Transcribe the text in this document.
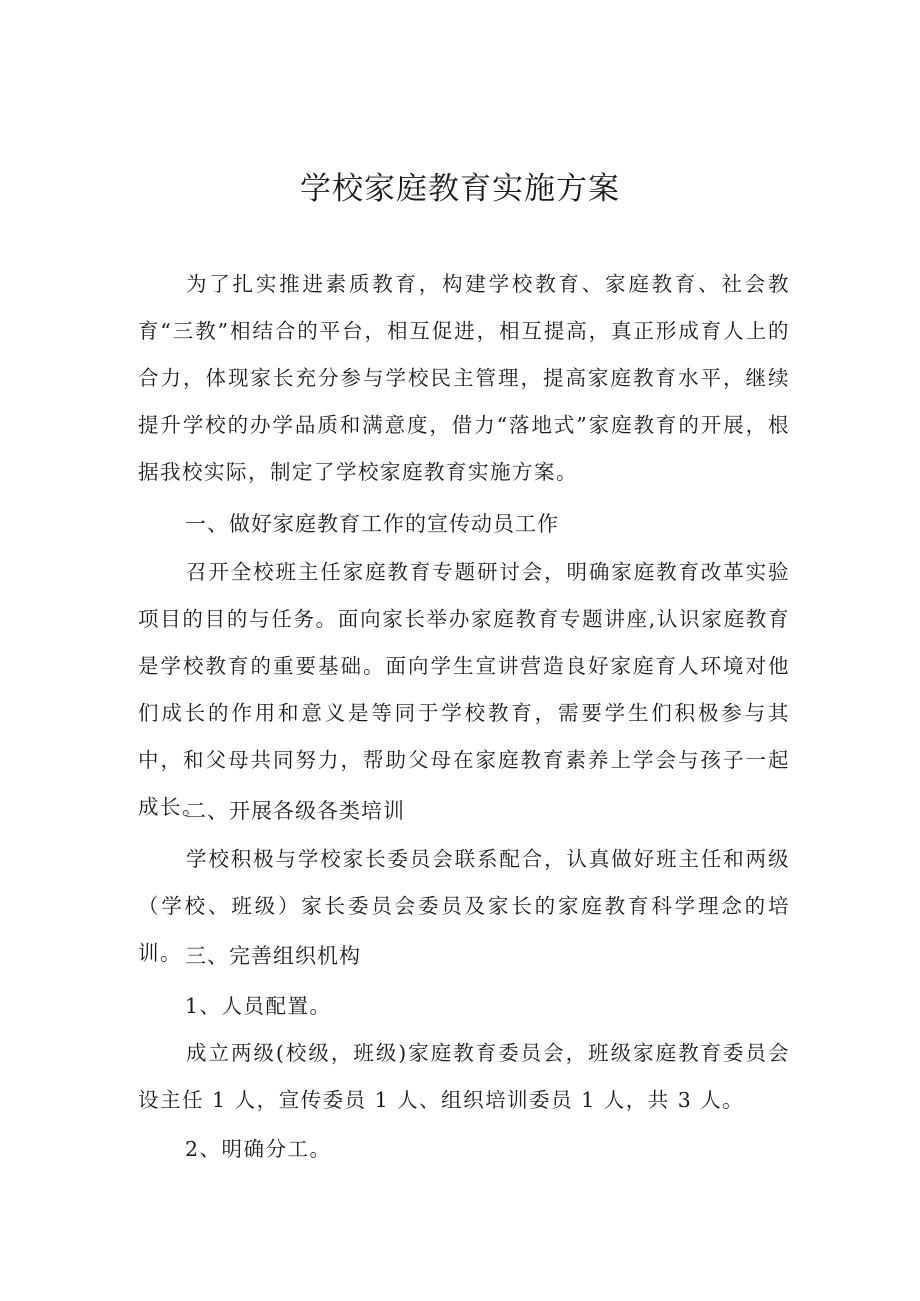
学校家庭教育实施方案

为了扎实推进素质教育，构建学校教育、家庭教育、社会教育“三教”相结合的平台，相互促进，相互提高，真正形成育人上的合力，体现家长充分参与学校民主管理，提高家庭教育水平，继续提升学校的办学品质和满意度，借力“落地式”家庭教育的开展，根据我校实际，制定了学校家庭教育实施方案。

一、做好家庭教育工作的宣传动员工作

召开全校班主任家庭教育专题研讨会，明确家庭教育改革实验项目的目的与任务。面向家长举办家庭教育专题讲座,认识家庭教育是学校教育的重要基础。面向学生宣讲营造良好家庭育人环境对他们成长的作用和意义是等同于学校教育，需要学生们积极参与其中，和父母共同努力，帮助父母在家庭教育素养上学会与孩子一起成长。

二、开展各级各类培训

学校积极与学校家长委员会联系配合，认真做好班主任和两级（学校、班级）家长委员会委员及家长的家庭教育科学理念的培训。 三、完善组织机构

1、人员配置。

成立两级(校级，班级)家庭教育委员会，班级家庭教育委员会设主任 1 人，宣传委员 1 人、组织培训委员 1 人，共 3 人。

2、明确分工。
